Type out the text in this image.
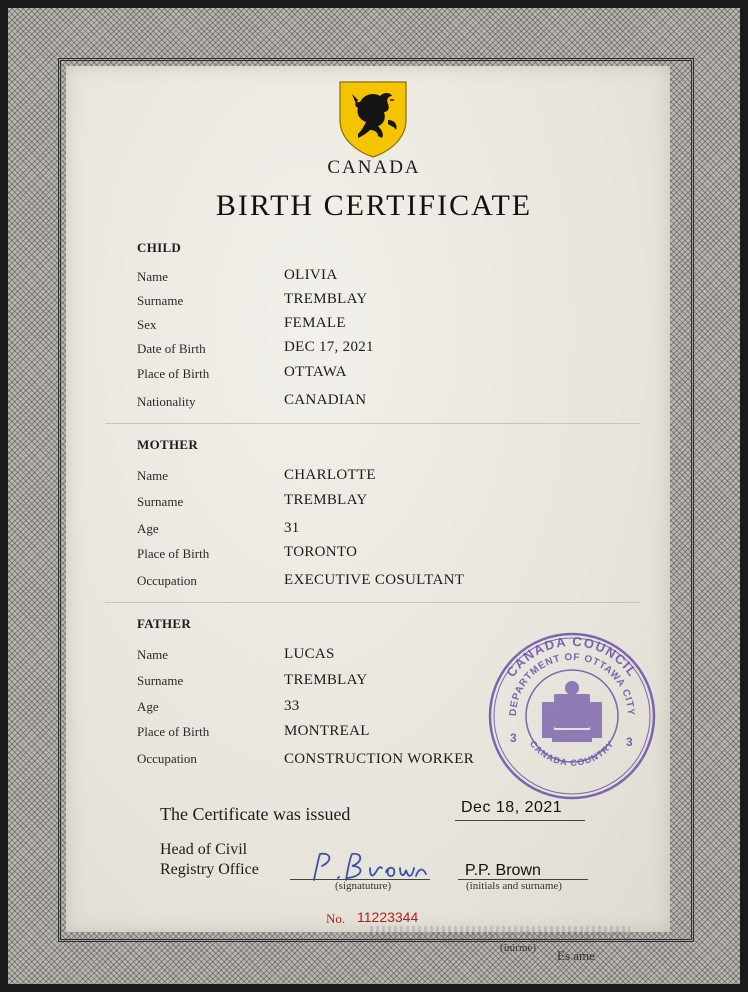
CANADA
BIRTH CERTIFICATE
CHILD
Name	OLIVIA
Surname	TREMBLAY
Sex	FEMALE
Date of Birth	DEC 17, 2021
Place of Birth	OTTAWA
Nationality	CANADIAN
MOTHER
Name	CHARLOTTE
Surname	TREMBLAY
Age	31
Place of Birth	TORONTO
Occupation	EXECUTIVE COSULTANT
FATHER
Name	LUCAS
Surname	TREMBLAY
Age	33
Place of Birth	MONTREAL
Occupation	CONSTRUCTION WORKER
CANADA COUNCIL
DEPARTMENT OF OTTAWA CITY
CANADA COUNTRY
3	3
The Certificate was issued	Dec 18, 2021
Head of Civil
Registry Office
(signatuture)
P.P. Brown
(initials and surname)
No. 11223344
(inirme) Es ame
